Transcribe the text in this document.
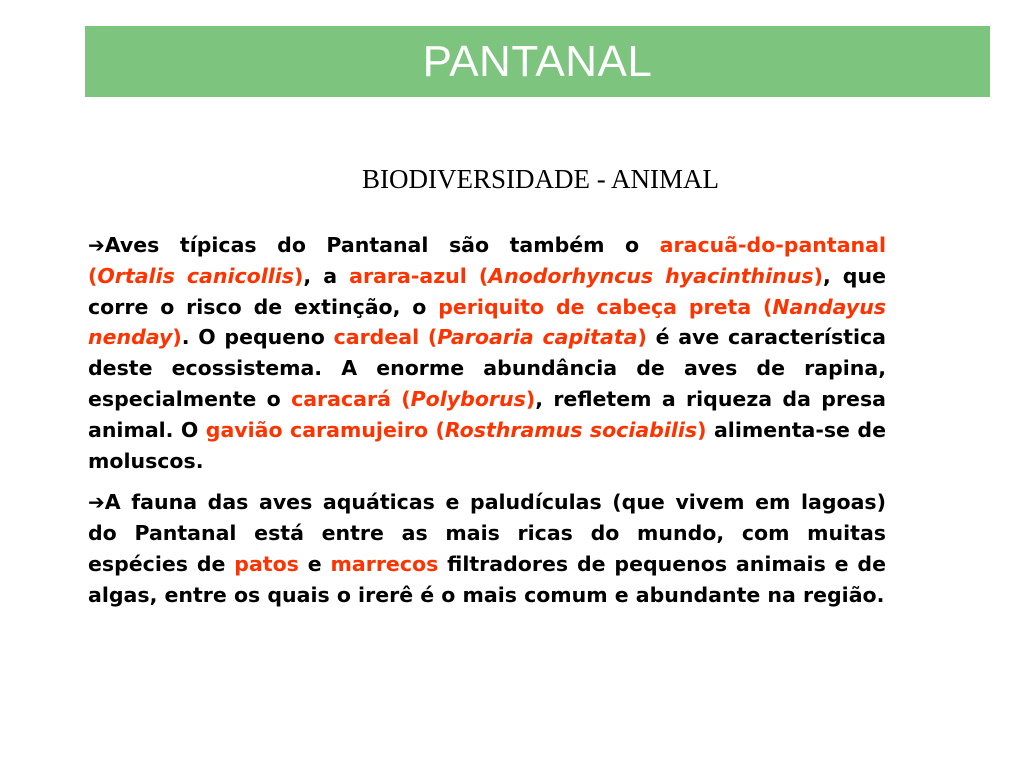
PANTANAL
BIODIVERSIDADE - ANIMAL

➔Aves típicas do Pantanal são também o aracuã-do-pantanal (Ortalis canicollis), a arara-azul (Anodorhyncus hyacinthinus), que corre o risco de extinção, o periquito de cabeça preta (Nandayus nenday). O pequeno cardeal (Paroaria capitata) é ave característica deste ecossistema. A enorme abundância de aves de rapina, especialmente o caracará (Polyborus), refletem a riqueza da presa animal. O gavião caramujeiro (Rosthramus sociabilis) alimenta-se de moluscos.

➔A fauna das aves aquáticas e paludículas (que vivem em lagoas) do Pantanal está entre as mais ricas do mundo, com muitas espécies de patos e marrecos filtradores de pequenos animais e de algas, entre os quais o irerê é o mais comum e abundante na região.
